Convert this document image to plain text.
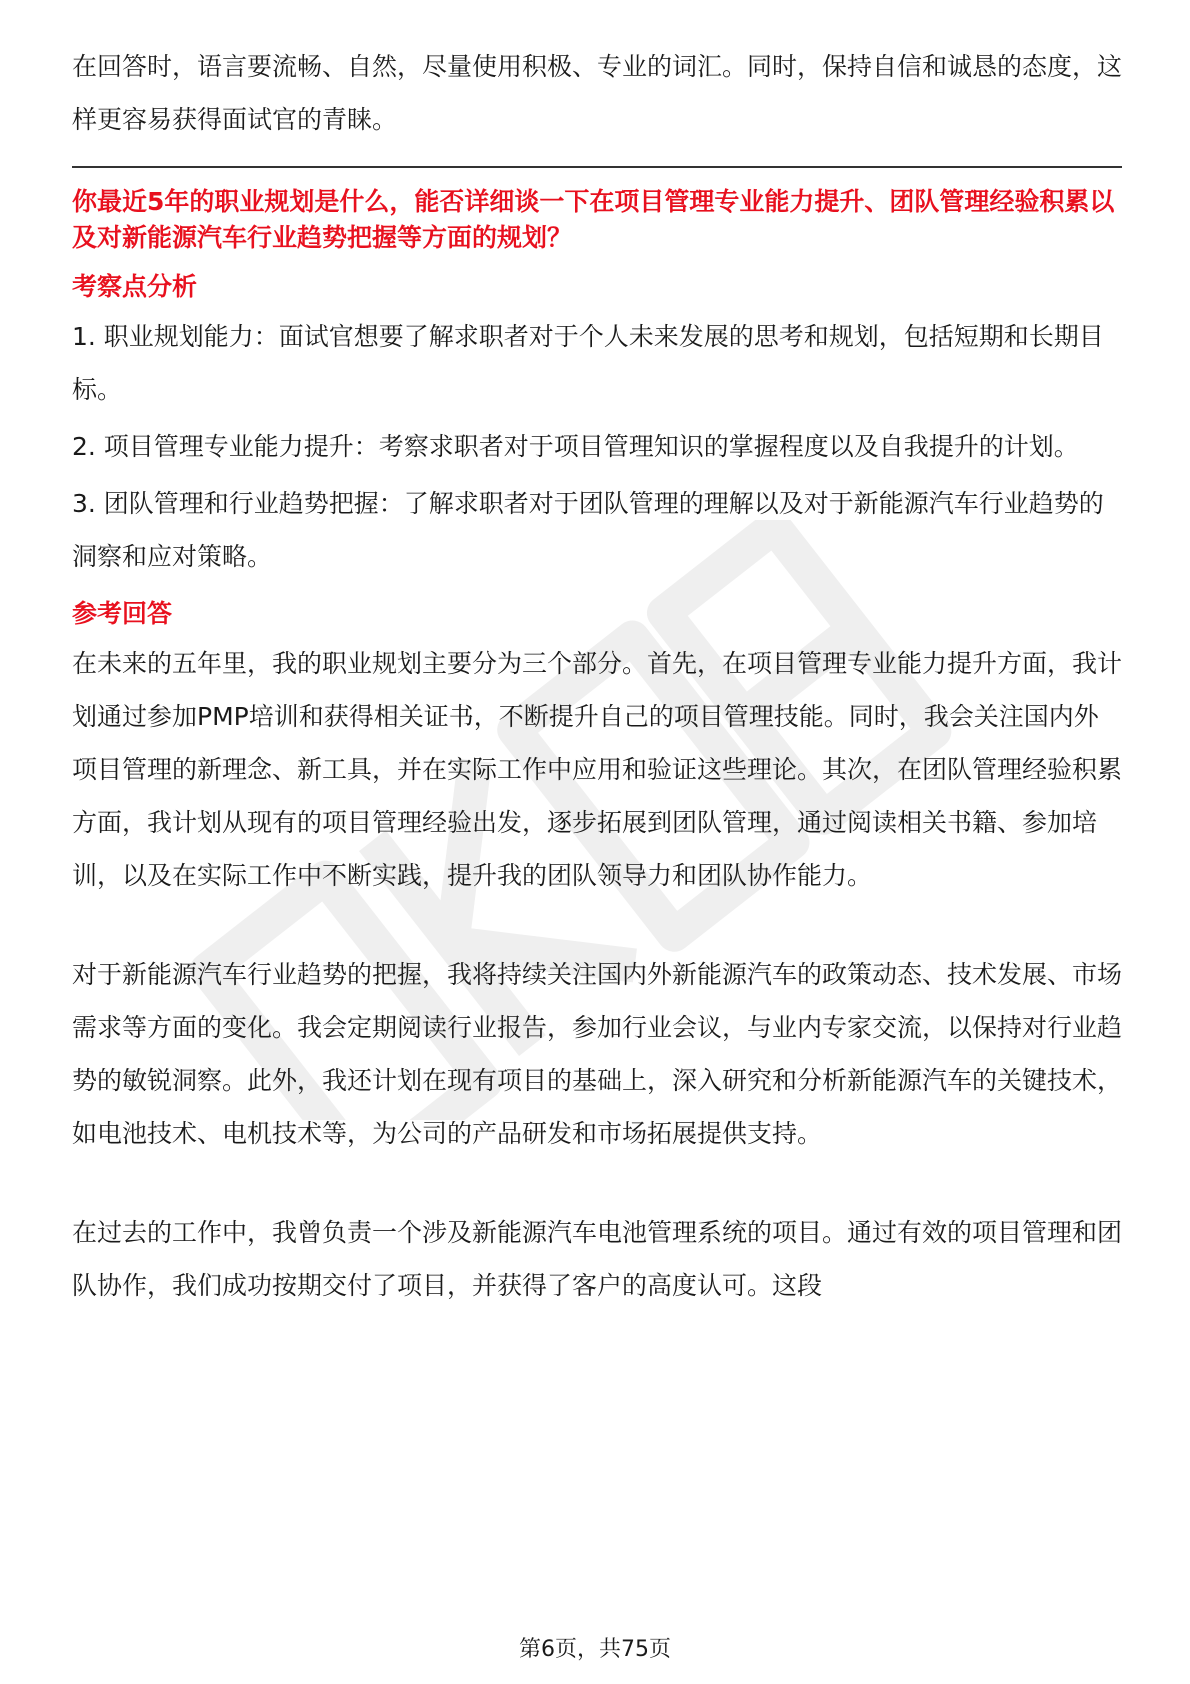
在回答时，语言要流畅、自然，尽量使用积极、专业的词汇。同时，保持自信和诚恳的态度，这样更容易获得面试官的青睐。

你最近5年的职业规划是什么，能否详细谈一下在项目管理专业能力提升、团队管理经验积累以及对新能源汽车行业趋势把握等方面的规划？

考察点分析

1. 职业规划能力：面试官想要了解求职者对于个人未来发展的思考和规划，包括短期和长期目标。

2. 项目管理专业能力提升：考察求职者对于项目管理知识的掌握程度以及自我提升的计划。

3. 团队管理和行业趋势把握：了解求职者对于团队管理的理解以及对于新能源汽车行业趋势的洞察和应对策略。

参考回答

在未来的五年里，我的职业规划主要分为三个部分。首先，在项目管理专业能力提升方面，我计划通过参加PMP培训和获得相关证书，不断提升自己的项目管理技能。同时，我会关注国内外项目管理的新理念、新工具，并在实际工作中应用和验证这些理论。其次，在团队管理经验积累方面，我计划从现有的项目管理经验出发，逐步拓展到团队管理，通过阅读相关书籍、参加培训，以及在实际工作中不断实践，提升我的团队领导力和团队协作能力。

对于新能源汽车行业趋势的把握，我将持续关注国内外新能源汽车的政策动态、技术发展、市场需求等方面的变化。我会定期阅读行业报告，参加行业会议，与业内专家交流，以保持对行业趋势的敏锐洞察。此外，我还计划在现有项目的基础上，深入研究和分析新能源汽车的关键技术，如电池技术、电机技术等，为公司的产品研发和市场拓展提供支持。

在过去的工作中，我曾负责一个涉及新能源汽车电池管理系统的项目。通过有效的项目管理和团队协作，我们成功按期交付了项目，并获得了客户的高度认可。这段

第6页，共75页
